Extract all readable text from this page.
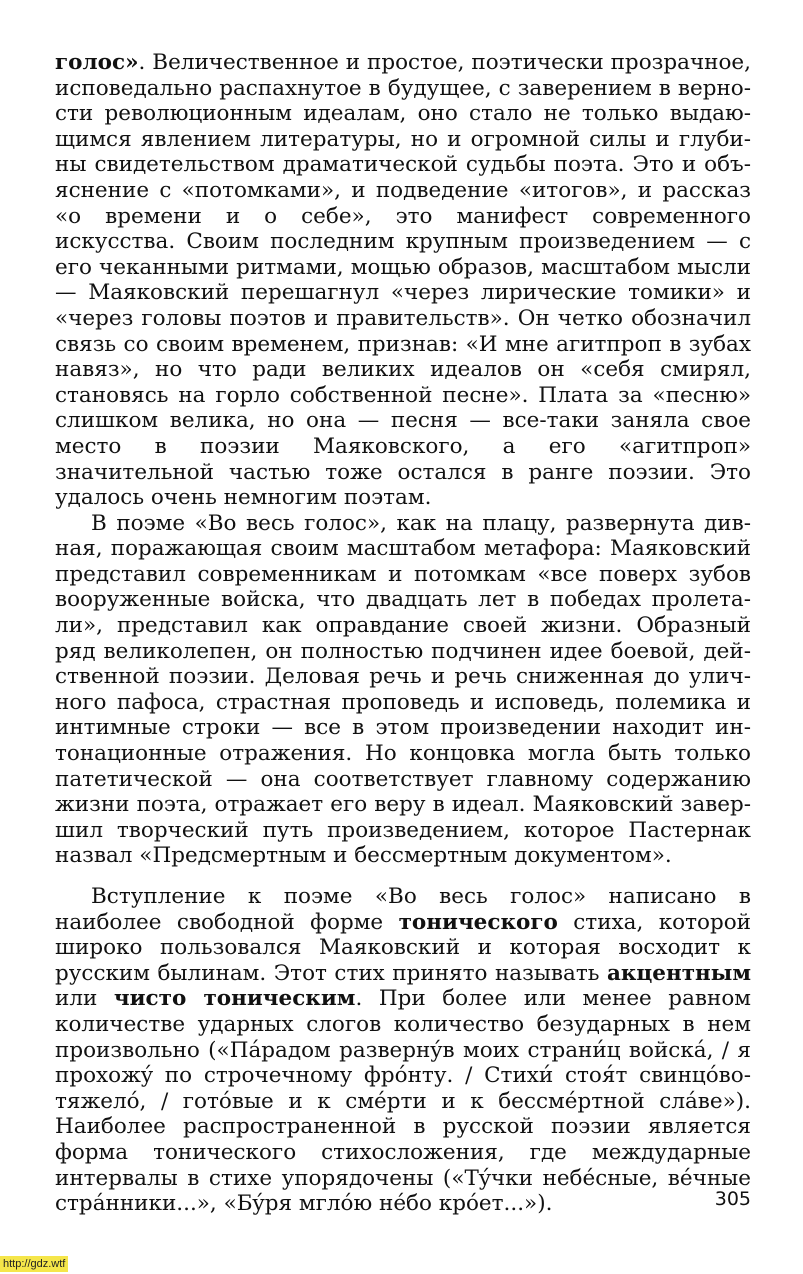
голос». Величественное и простое, поэтически прозрачное, исповедально распахнутое в будущее, с заверением в верности революционным идеалам, оно стало не только выдающимся явлением литературы, но и огромной силы и глубины свидетельством драматической судьбы поэта. Это и объяснение с «потомками», и подведение «итогов», и рассказ «о времени и о себе», это манифест современного искусства. Своим последним крупным произведением — с его чеканными ритмами, мощью образов, масштабом мысли — Маяковский перешагнул «через лирические томики» и «через головы поэтов и правительств». Он четко обозначил связь со своим временем, признав: «И мне агитпроп в зубах навяз», но что ради великих идеалов он «себя смирял, становясь на горло собственной песне». Плата за «песню» слишком велика, но она — песня — все-таки заняла свое место в поэзии Маяковского, а его «агитпроп» значительной частью тоже остался в ранге поэзии. Это удалось очень немногим поэтам.

В поэме «Во весь голос», как на плацу, развернута дивная, поражающая своим масштабом метафора: Маяковский представил современникам и потомкам «все поверх зубов вооруженные войска, что двадцать лет в победах пролетали», представил как оправдание своей жизни. Образный ряд великолепен, он полностью подчинен идее боевой, действенной поэзии. Деловая речь и речь сниженная до уличного пафоса, страстная проповедь и исповедь, полемика и интимные строки — все в этом произведении находит интонационные отражения. Но концовка могла быть только патетической — она соответствует главному содержанию жизни поэта, отражает его веру в идеал. Маяковский завершил творческий путь произведением, которое Пастернак назвал «Предсмертным и бессмертным документом».

Вступление к поэме «Во весь голос» написано в наиболее свободной форме тонического стиха, которой широко пользовался Маяковский и которая восходит к русским былинам. Этот стих принято называть акцентным или чисто тоническим. При более или менее равном количестве ударных слогов количество безударных в нем произвольно («Па́радом развернýв моих страни́ц войска́, / я прохожý по строчечному фрóнту. / Стихи́ стоя́т свинцóво-тяжелó, / готóвые и к смéрти и к бессмéртной слáве»). Наиболее распространенной в русской поэзии является форма тонического стихосложения, где междударные интервалы в стихе упорядочены («Тýчки небéсные, вéчные стрáнники...», «Бýря мглóю нéбо крóет...»).	305
http://gdz.wtf
